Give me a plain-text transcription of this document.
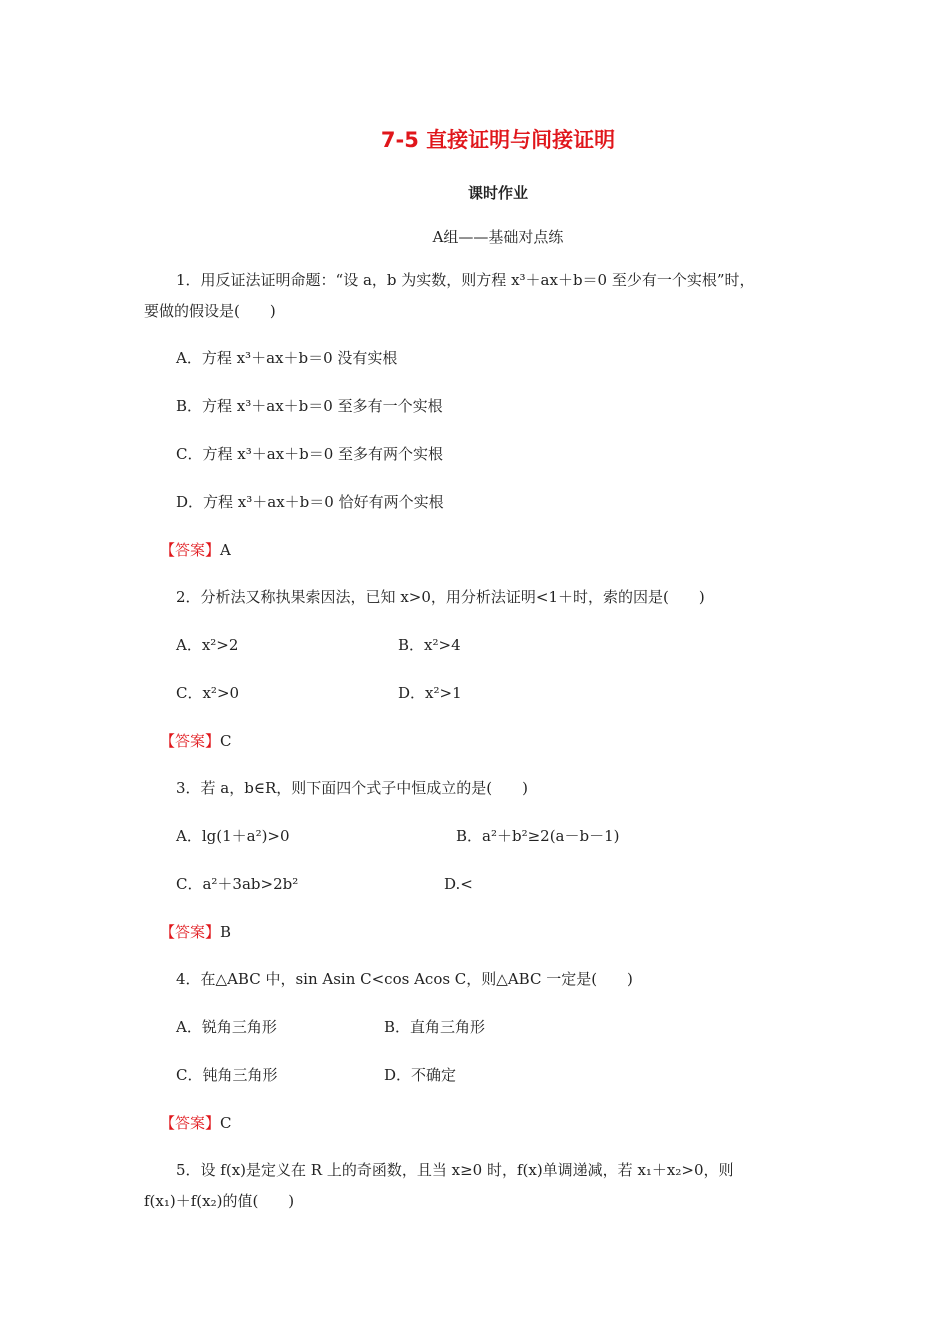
7-5 直接证明与间接证明
课时作业
A组——基础对点练
1．用反证法证明命题：“设 a，b 为实数，则方程 x³＋ax＋b＝0 至少有一个实根”时，
要做的假设是(　　)
A．方程 x³＋ax＋b＝0 没有实根
B．方程 x³＋ax＋b＝0 至多有一个实根
C．方程 x³＋ax＋b＝0 至多有两个实根
D．方程 x³＋ax＋b＝0 恰好有两个实根
【答案】A
2．分析法又称执果索因法，已知 x>0，用分析法证明<1＋时，索的因是(　　)
A．x²>2	B．x²>4
C．x²>0	D．x²>1
【答案】C
3．若 a，b∈R，则下面四个式子中恒成立的是(　　)
A．lg(1＋a²)>0	B．a²＋b²≥2(a－b－1)
C．a²＋3ab>2b²	D.<
【答案】B
4．在△ABC 中，sin Asin C<cos Acos C，则△ABC 一定是(　　)
A．锐角三角形	B．直角三角形
C．钝角三角形	D．不确定
【答案】C
5．设 f(x)是定义在 R 上的奇函数，且当 x≥0 时，f(x)单调递减，若 x₁＋x₂>0，则
f(x₁)＋f(x₂)的值(　　)
